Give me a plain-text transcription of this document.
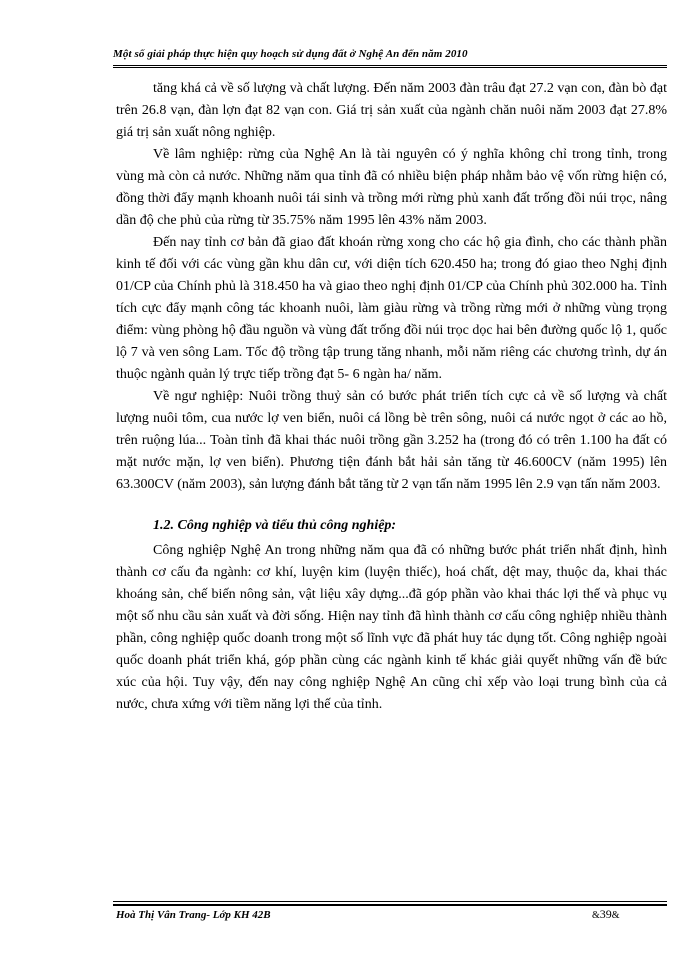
Một số giải pháp thực hiện quy hoạch sử dụng đất ở Nghệ An đến năm 2010

tăng khá cả về số lượng và chất lượng. Đến năm 2003 đàn trâu đạt 27.2 vạn con, đàn bò đạt trên 26.8 vạn, đàn lợn đạt 82 vạn con. Giá trị sản xuất của ngành chăn nuôi năm 2003 đạt 27.8% giá trị sản xuất nông nghiệp.

Về lâm nghiệp: rừng của Nghệ An là tài nguyên có ý nghĩa không chỉ trong tỉnh, trong vùng mà còn cả nước. Những năm qua tỉnh đã có nhiều biện pháp nhằm bảo vệ vốn rừng hiện có, đồng thời đẩy mạnh khoanh nuôi tái sinh và trồng mới rừng phủ xanh đất trống đồi núi trọc, nâng dần độ che phủ của rừng từ 35.75% năm 1995 lên 43% năm 2003.

Đến nay tỉnh cơ bản đã giao đất khoán rừng xong cho các hộ gia đình, cho các thành phần kinh tế đối với các vùng gần khu dân cư, với diện tích 620.450 ha; trong đó giao theo Nghị định 01/CP của Chính phủ là 318.450 ha và giao theo nghị định 01/CP của Chính phủ 302.000 ha. Tỉnh tích cực đẩy mạnh công tác khoanh nuôi, làm giàu rừng và trồng rừng mới ở những vùng trọng điểm: vùng phòng hộ đầu nguồn và vùng đất trống đồi núi trọc dọc hai bên đường quốc lộ 1, quốc lộ 7 và ven sông Lam. Tốc độ trồng tập trung tăng nhanh, mỗi năm riêng các chương trình, dự án thuộc ngành quản lý trực tiếp trồng đạt 5- 6 ngàn ha/ năm.

Về ngư nghiệp: Nuôi trồng thuỷ sản có bước phát triển tích cực cả về số lượng và chất lượng nuôi tôm, cua nước lợ ven biển, nuôi cá lồng bè trên sông, nuôi cá nước ngọt ở các ao hồ, trên ruộng lúa... Toàn tỉnh đã khai thác nuôi trồng gần 3.252 ha (trong đó có trên 1.100 ha đất có mặt nước mặn, lợ ven biển). Phương tiện đánh bắt hải sản tăng từ 46.600CV (năm 1995) lên 63.300CV (năm 2003), sản lượng đánh bắt tăng từ 2 vạn tấn năm 1995 lên 2.9 vạn tấn năm 2003.

1.2. Công nghiệp và tiểu thủ công nghiệp:

Công nghiệp Nghệ An trong những năm qua đã có những bước phát triển nhất định, hình thành cơ cấu đa ngành: cơ khí, luyện kim (luyện thiếc), hoá chất, dệt may, thuộc da, khai thác khoáng sản, chế biến nông sản, vật liệu xây dựng...đã góp phần vào khai thác lợi thế và phục vụ một số nhu cầu sản xuất và đời sống. Hiện nay tỉnh đã hình thành cơ cấu công nghiệp nhiều thành phần, công nghiệp quốc doanh trong một số lĩnh vực đã phát huy tác dụng tốt. Công nghiệp ngoài quốc doanh phát triển khá, góp phần cùng các ngành kinh tế khác giải quyết những vấn đề bức xúc của hội. Tuy vậy, đến nay công nghiệp Nghệ An cũng chỉ xếp vào loại trung bình của cả nước, chưa xứng với tiềm năng lợi thế của tỉnh.

Hoà Thị Vân Trang- Lớp KH 42B	&39&
